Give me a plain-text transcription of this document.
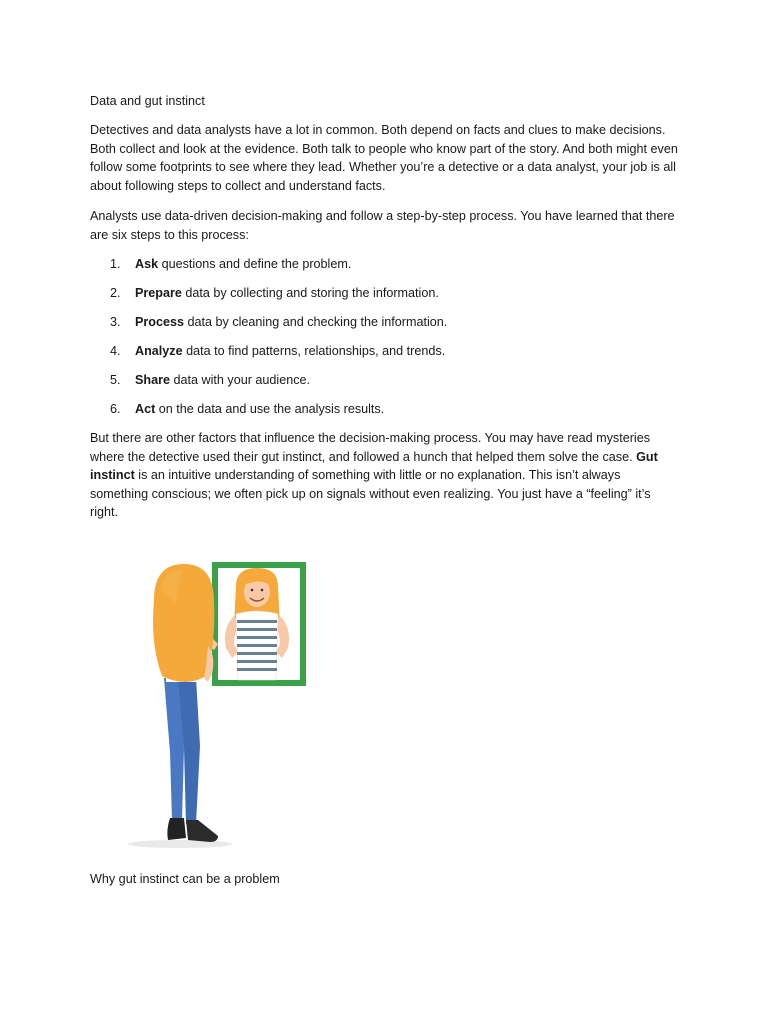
Data and gut instinct

Detectives and data analysts have a lot in common. Both depend on facts and clues to make decisions. Both collect and look at the evidence. Both talk to people who know part of the story. And both might even follow some footprints to see where they lead. Whether you’re a detective or a data analyst, your job is all about following steps to collect and understand facts.

Analysts use data-driven decision-making and follow a step-by-step process. You have learned that there are six steps to this process:

1.	Ask questions and define the problem.
2.	Prepare data by collecting and storing the information.
3.	Process data by cleaning and checking the information.
4.	Analyze data to find patterns, relationships, and trends.
5.	Share data with your audience.
6.	Act on the data and use the analysis results.

But there are other factors that influence the decision-making process. You may have read mysteries where the detective used their gut instinct, and followed a hunch that helped them solve the case. Gut instinct is an intuitive understanding of something with little or no explanation. This isn’t always something conscious; we often pick up on signals without even realizing. You just have a “feeling” it’s right.

Why gut instinct can be a problem
